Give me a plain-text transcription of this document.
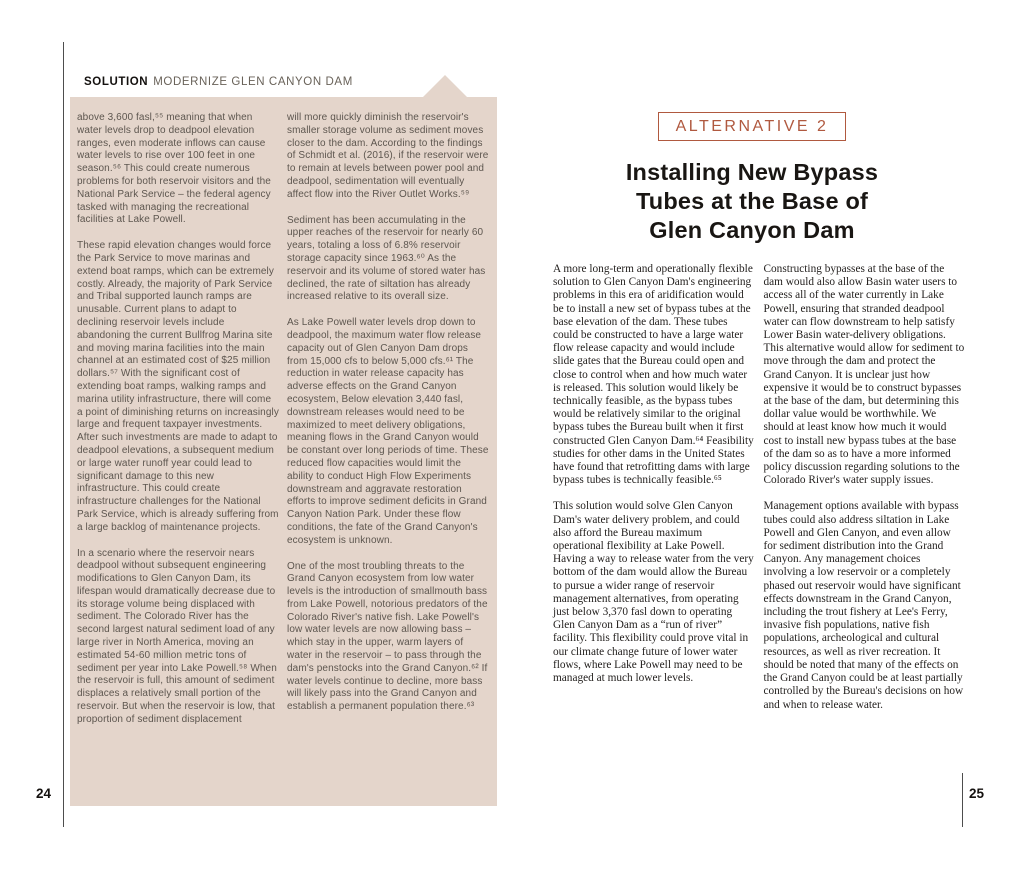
SOLUTION MODERNIZE GLEN CANYON DAM

above 3,600 fasl,⁵⁵ meaning that when water levels drop to deadpool elevation ranges, even moderate inflows can cause water levels to rise over 100 feet in one season.⁵⁶ This could create numerous problems for both reservoir visitors and the National Park Service – the federal agency tasked with managing the recreational facilities at Lake Powell.

These rapid elevation changes would force the Park Service to move marinas and extend boat ramps, which can be extremely costly. Already, the majority of Park Service and Tribal supported launch ramps are unusable. Current plans to adapt to declining reservoir levels include abandoning the current Bullfrog Marina site and moving marina facilities into the main channel at an estimated cost of $25 million dollars.⁵⁷ With the significant cost of extending boat ramps, walking ramps and marina utility infrastructure, there will come a point of diminishing returns on increasingly large and frequent taxpayer investments. After such investments are made to adapt to deadpool elevations, a subsequent medium or large water runoff year could lead to significant damage to this new infrastructure. This could create infrastructure challenges for the National Park Service, which is already suffering from a large backlog of maintenance projects.

In a scenario where the reservoir nears deadpool without subsequent engineering modifications to Glen Canyon Dam, its lifespan would dramatically decrease due to its storage volume being displaced with sediment. The Colorado River has the second largest natural sediment load of any large river in North America, moving an estimated 54-60 million metric tons of sediment per year into Lake Powell.⁵⁸ When the reservoir is full, this amount of sediment displaces a relatively small portion of the reservoir. But when the reservoir is low, that proportion of sediment displacement

will more quickly diminish the reservoir's smaller storage volume as sediment moves closer to the dam. According to the findings of Schmidt et al. (2016), if the reservoir were to remain at levels between power pool and deadpool, sedimentation will eventually affect flow into the River Outlet Works.⁵⁹

Sediment has been accumulating in the upper reaches of the reservoir for nearly 60 years, totaling a loss of 6.8% reservoir storage capacity since 1963.⁶⁰ As the reservoir and its volume of stored water has declined, the rate of siltation has already increased relative to its overall size.

As Lake Powell water levels drop down to deadpool, the maximum water flow release capacity out of Glen Canyon Dam drops from 15,000 cfs to below 5,000 cfs.⁶¹ The reduction in water release capacity has adverse effects on the Grand Canyon ecosystem, Below elevation 3,440 fasl, downstream releases would need to be maximized to meet delivery obligations, meaning flows in the Grand Canyon would be constant over long periods of time. These reduced flow capacities would limit the ability to conduct High Flow Experiments downstream and aggravate restoration efforts to improve sediment deficits in Grand Canyon Nation Park. Under these flow conditions, the fate of the Grand Canyon's ecosystem is unknown.

One of the most troubling threats to the Grand Canyon ecosystem from low water levels is the introduction of smallmouth bass from Lake Powell, notorious predators of the Colorado River's native fish. Lake Powell's low water levels are now allowing bass – which stay in the upper, warm layers of water in the reservoir – to pass through the dam's penstocks into the Grand Canyon.⁶² If water levels continue to decline, more bass will likely pass into the Grand Canyon and establish a permanent population there.⁶³

24
ALTERNATIVE 2
Installing New Bypass
Tubes at the Base of
Glen Canyon Dam

A more long-term and operationally flexible solution to Glen Canyon Dam's engineering problems in this era of aridification would be to install a new set of bypass tubes at the base elevation of the dam. These tubes could be constructed to have a large water flow release capacity and would include slide gates that the Bureau could open and close to control when and how much water is released. This solution would likely be technically feasible, as the bypass tubes would be relatively similar to the original bypass tubes the Bureau built when it first constructed Glen Canyon Dam.⁶⁴ Feasibility studies for other dams in the United States have found that retrofitting dams with large bypass tubes is technically feasible.⁶⁵

This solution would solve Glen Canyon Dam's water delivery problem, and could also afford the Bureau maximum operational flexibility at Lake Powell. Having a way to release water from the very bottom of the dam would allow the Bureau to pursue a wider range of reservoir management alternatives, from operating just below 3,370 fasl down to operating Glen Canyon Dam as a “run of river” facility. This flexibility could prove vital in our climate change future of lower water flows, where Lake Powell may need to be managed at much lower levels.

Constructing bypasses at the base of the dam would also allow Basin water users to access all of the water currently in Lake Powell, ensuring that stranded deadpool water can flow downstream to help satisfy Lower Basin water-delivery obligations. This alternative would allow for sediment to move through the dam and protect the Grand Canyon. It is unclear just how expensive it would be to construct bypasses at the base of the dam, but determining this dollar value would be worthwhile. We should at least know how much it would cost to install new bypass tubes at the base of the dam so as to have a more informed policy discussion regarding solutions to the Colorado River's water supply issues.

Management options available with bypass tubes could also address siltation in Lake Powell and Glen Canyon, and even allow for sediment distribution into the Grand Canyon. Any management choices involving a low reservoir or a completely phased out reservoir would have significant effects downstream in the Grand Canyon, including the trout fishery at Lee's Ferry, invasive fish populations, native fish populations, archeological and cultural resources, as well as river recreation. It should be noted that many of the effects on the Grand Canyon could be at least partially controlled by the Bureau's decisions on how and when to release water.

25
